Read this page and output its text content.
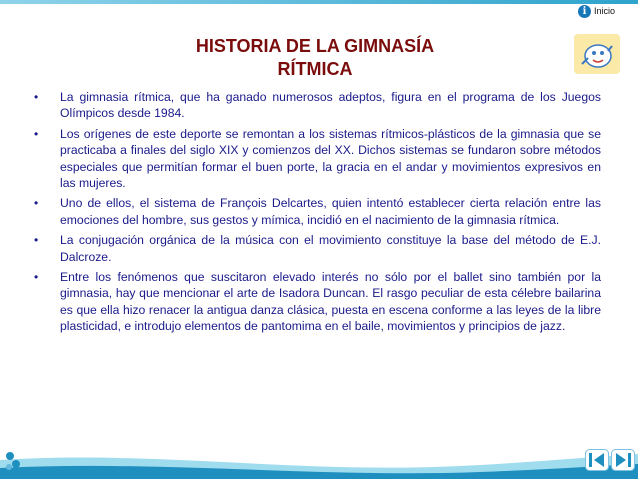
i Inicio
HISTORIA DE LA GIMNASÍA
RÍTMICA
• La gimnasia rítmica, que ha ganado numerosos adeptos, figura en el programa de los Juegos Olímpicos desde 1984.
• Los orígenes de este deporte se remontan a los sistemas rítmicos-plásticos de la gimnasia que se practicaba a finales del siglo XIX y comienzos del XX. Dichos sistemas se fundaron sobre métodos especiales que permitían formar el buen porte, la gracia en el andar y movimientos expresivos en las mujeres.
• Uno de ellos, el sistema de François Delcartes, quien intentó establecer cierta relación entre las emociones del hombre, sus gestos y mímica, incidió en el nacimiento de la gimnasia rítmica.
• La conjugación orgánica de la música con el movimiento constituye la base del método de E.J. Dalcroze.
• Entre los fenómenos que suscitaron elevado interés no sólo por el ballet sino también por la gimnasia, hay que mencionar el arte de Isadora Duncan. El rasgo peculiar de esta célebre bailarina es que ella hizo renacer la antigua danza clásica, puesta en escena conforme a las leyes de la libre plasticidad, e introdujo elementos de pantomima en el baile, movimientos y principios de jazz.
